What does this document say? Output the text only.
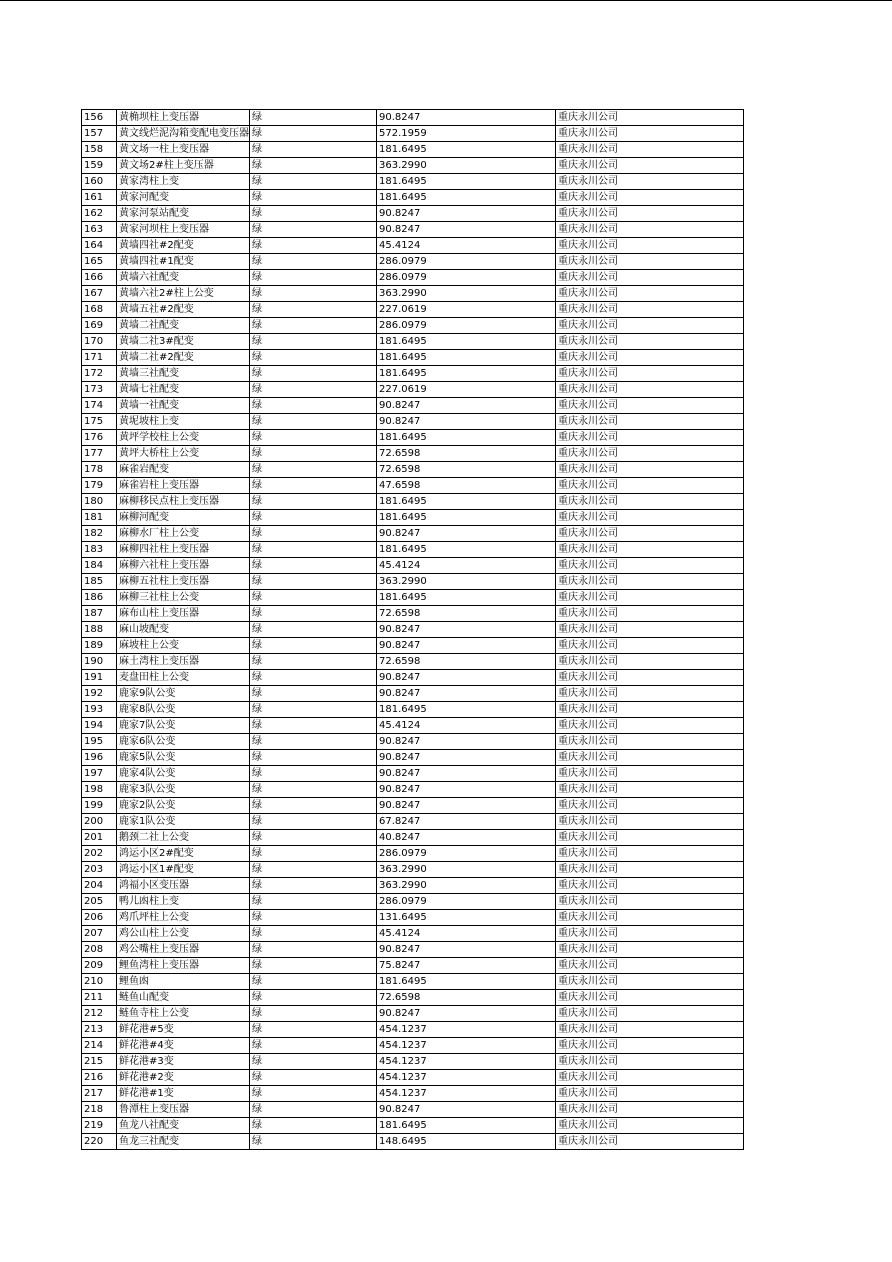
156	黄桷坝柱上变压器	绿	90.8247	重庆永川公司
157	黄文线烂泥沟箱变配电变压器	绿	572.1959	重庆永川公司
158	黄文场一柱上变压器	绿	181.6495	重庆永川公司
159	黄文场2#柱上变压器	绿	363.2990	重庆永川公司
160	黄家湾柱上变	绿	181.6495	重庆永川公司
161	黄家河配变	绿	181.6495	重庆永川公司
162	黄家河泵站配变	绿	90.8247	重庆永川公司
163	黄家河坝柱上变压器	绿	90.8247	重庆永川公司
164	黄墙四社#2配变	绿	45.4124	重庆永川公司
165	黄墙四社#1配变	绿	286.0979	重庆永川公司
166	黄墙六社配变	绿	286.0979	重庆永川公司
167	黄墙六社2#柱上公变	绿	363.2990	重庆永川公司
168	黄墙五社#2配变	绿	227.0619	重庆永川公司
169	黄墙二社配变	绿	286.0979	重庆永川公司
170	黄墙二社3#配变	绿	181.6495	重庆永川公司
171	黄墙二社#2配变	绿	181.6495	重庆永川公司
172	黄墙三社配变	绿	181.6495	重庆永川公司
173	黄墙七社配变	绿	227.0619	重庆永川公司
174	黄墙一社配变	绿	90.8247	重庆永川公司
175	黄坭坡柱上变	绿	90.8247	重庆永川公司
176	黄坪学校柱上公变	绿	181.6495	重庆永川公司
177	黄坪大桥柱上公变	绿	72.6598	重庆永川公司
178	麻雀岩配变	绿	72.6598	重庆永川公司
179	麻雀岩柱上变压器	绿	47.6598	重庆永川公司
180	麻柳移民点柱上变压器	绿	181.6495	重庆永川公司
181	麻柳河配变	绿	181.6495	重庆永川公司
182	麻柳水厂柱上公变	绿	90.8247	重庆永川公司
183	麻柳四社柱上变压器	绿	181.6495	重庆永川公司
184	麻柳六社柱上变压器	绿	45.4124	重庆永川公司
185	麻柳五社柱上变压器	绿	363.2990	重庆永川公司
186	麻柳三社柱上公变	绿	181.6495	重庆永川公司
187	麻布山柱上变压器	绿	72.6598	重庆永川公司
188	麻山坡配变	绿	90.8247	重庆永川公司
189	麻坡柱上公变	绿	90.8247	重庆永川公司
190	麻土湾柱上变压器	绿	72.6598	重庆永川公司
191	麦盘田柱上公变	绿	90.8247	重庆永川公司
192	鹿家9队公变	绿	90.8247	重庆永川公司
193	鹿家8队公变	绿	181.6495	重庆永川公司
194	鹿家7队公变	绿	45.4124	重庆永川公司
195	鹿家6队公变	绿	90.8247	重庆永川公司
196	鹿家5队公变	绿	90.8247	重庆永川公司
197	鹿家4队公变	绿	90.8247	重庆永川公司
198	鹿家3队公变	绿	90.8247	重庆永川公司
199	鹿家2队公变	绿	90.8247	重庆永川公司
200	鹿家1队公变	绿	67.8247	重庆永川公司
201	鹅颈二社上公变	绿	40.8247	重庆永川公司
202	鸿运小区2#配变	绿	286.0979	重庆永川公司
203	鸿运小区1#配变	绿	363.2990	重庆永川公司
204	鸿福小区变压器	绿	363.2990	重庆永川公司
205	鸭儿凼柱上变	绿	286.0979	重庆永川公司
206	鸡爪坪柱上公变	绿	131.6495	重庆永川公司
207	鸡公山柱上公变	绿	45.4124	重庆永川公司
208	鸡公嘴柱上变压器	绿	90.8247	重庆永川公司
209	鲤鱼湾柱上变压器	绿	75.8247	重庆永川公司
210	鲤鱼凼	绿	181.6495	重庆永川公司
211	鲢鱼山配变	绿	72.6598	重庆永川公司
212	鲢鱼寺柱上公变	绿	90.8247	重庆永川公司
213	鲜花港#5变	绿	454.1237	重庆永川公司
214	鲜花港#4变	绿	454.1237	重庆永川公司
215	鲜花港#3变	绿	454.1237	重庆永川公司
216	鲜花港#2变	绿	454.1237	重庆永川公司
217	鲜花港#1变	绿	454.1237	重庆永川公司
218	鲁潭柱上变压器	绿	90.8247	重庆永川公司
219	鱼龙八社配变	绿	181.6495	重庆永川公司
220	鱼龙三社配变	绿	148.6495	重庆永川公司
